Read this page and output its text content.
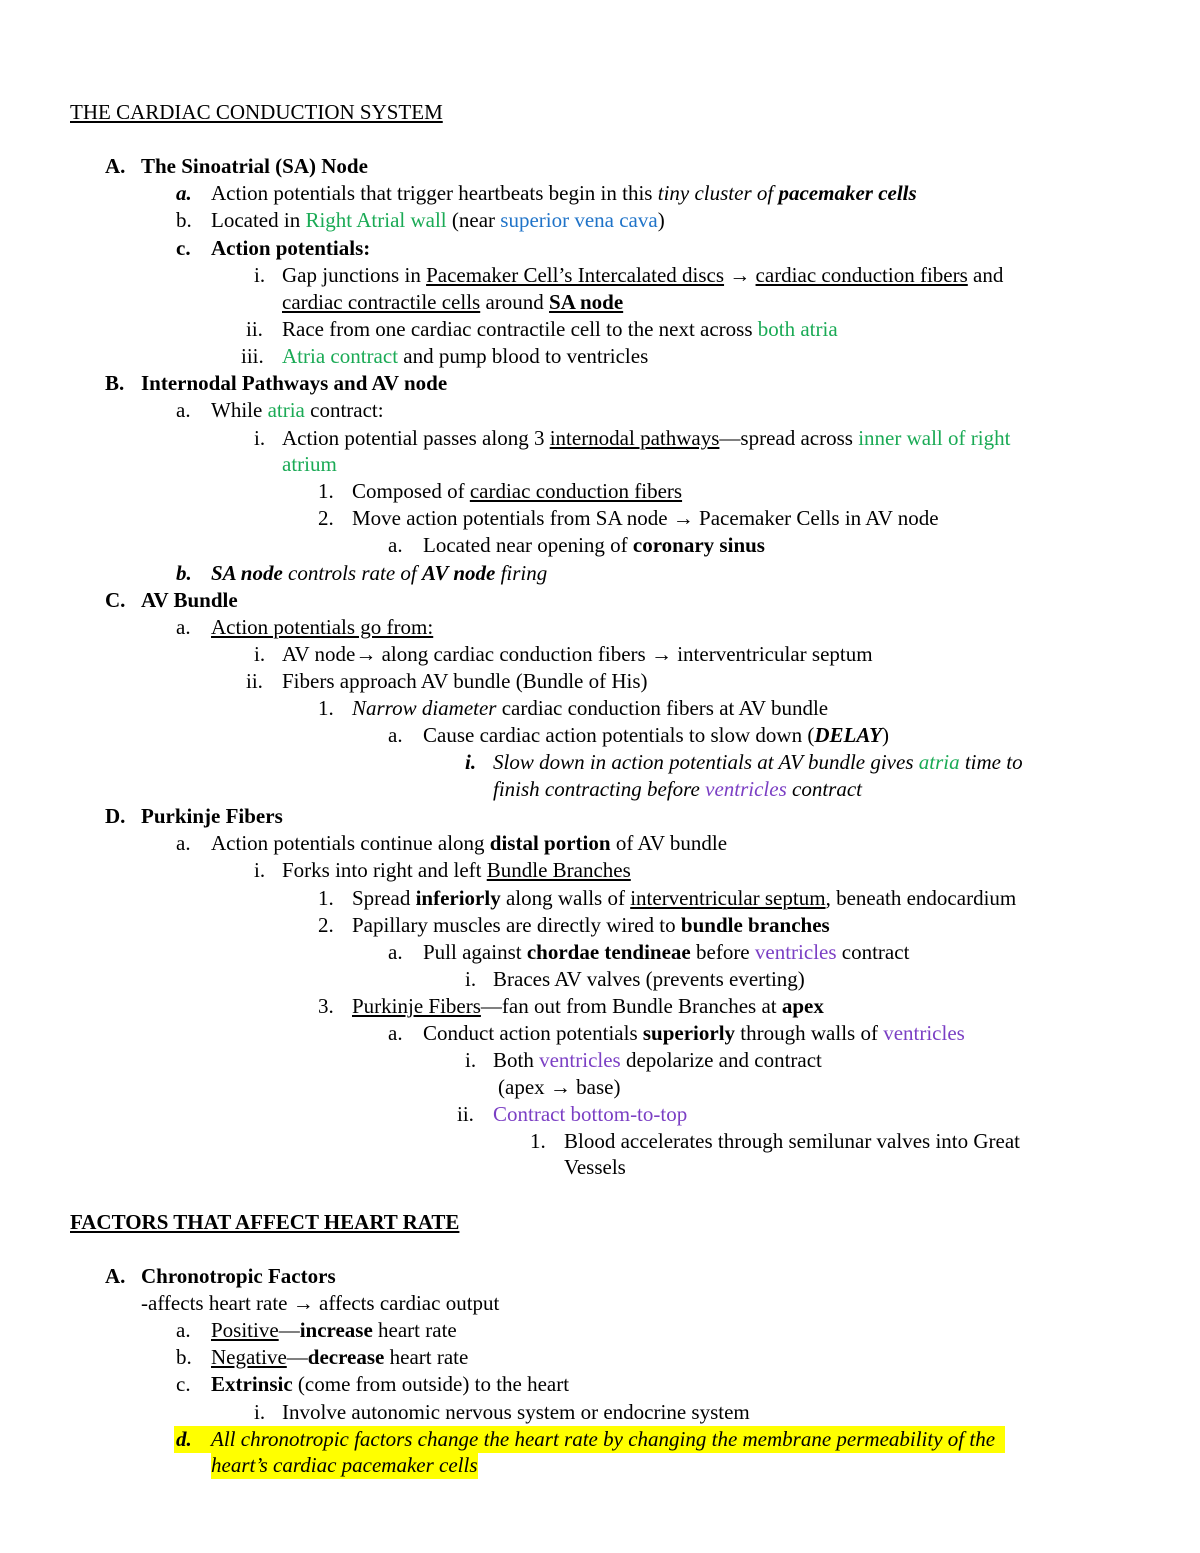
THE CARDIAC CONDUCTION SYSTEM
A. The Sinoatrial (SA) Node
a. Action potentials that trigger heartbeats begin in this tiny cluster of pacemaker cells
b. Located in Right Atrial wall (near superior vena cava)
c. Action potentials:
i. Gap junctions in Pacemaker Cell’s Intercalated discs → cardiac conduction fibers and
cardiac contractile cells around SA node
ii. Race from one cardiac contractile cell to the next across both atria
iii. Atria contract and pump blood to ventricles
B. Internodal Pathways and AV node
a. While atria contract:
i. Action potential passes along 3 internodal pathways—spread across inner wall of right
atrium
1. Composed of cardiac conduction fibers
2. Move action potentials from SA node → Pacemaker Cells in AV node
a. Located near opening of coronary sinus
b. SA node controls rate of AV node firing
C. AV Bundle
a. Action potentials go from:
i. AV node→ along cardiac conduction fibers → interventricular septum
ii. Fibers approach AV bundle (Bundle of His)
1. Narrow diameter cardiac conduction fibers at AV bundle
a. Cause cardiac action potentials to slow down (DELAY)
i. Slow down in action potentials at AV bundle gives atria time to
finish contracting before ventricles contract
D. Purkinje Fibers
a. Action potentials continue along distal portion of AV bundle
i. Forks into right and left Bundle Branches
1. Spread inferiorly along walls of interventricular septum, beneath endocardium
2. Papillary muscles are directly wired to bundle branches
a. Pull against chordae tendineae before ventricles contract
i. Braces AV valves (prevents everting)
3. Purkinje Fibers—fan out from Bundle Branches at apex
a. Conduct action potentials superiorly through walls of ventricles
i. Both ventricles depolarize and contract
(apex → base)
ii. Contract bottom-to-top
1. Blood accelerates through semilunar valves into Great
Vessels
FACTORS THAT AFFECT HEART RATE
A. Chronotropic Factors
-affects heart rate → affects cardiac output
a. Positive—increase heart rate
b. Negative—decrease heart rate
c. Extrinsic (come from outside) to the heart
i. Involve autonomic nervous system or endocrine system
d. All chronotropic factors change the heart rate by changing the membrane permeability of the
heart’s cardiac pacemaker cells
